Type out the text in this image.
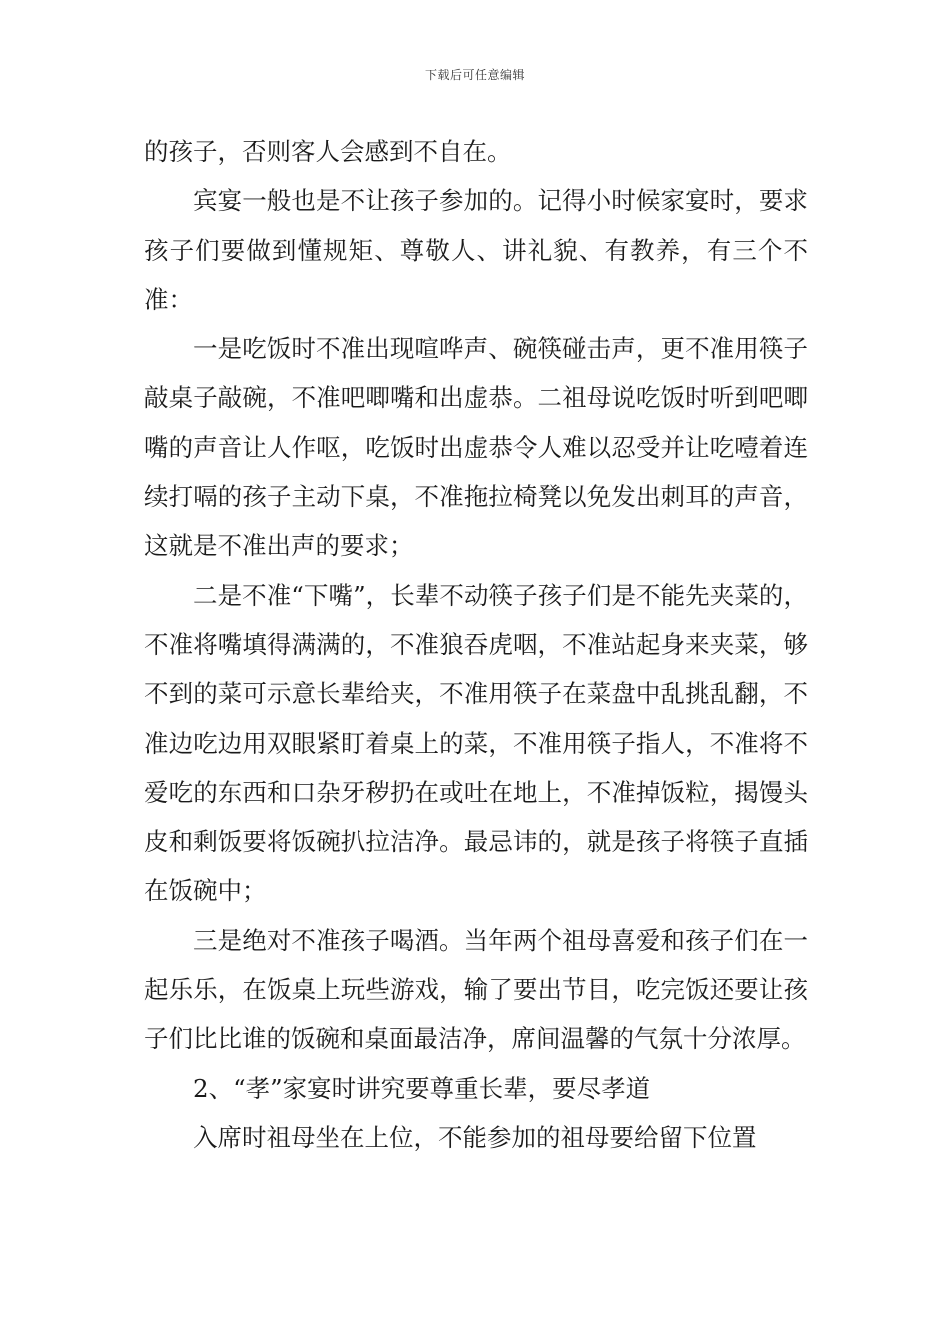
下载后可任意编辑

的孩子，否则客人会感到不自在。

宾宴一般也是不让孩子参加的。记得小时候家宴时，要求孩子们要做到懂规矩、尊敬人、讲礼貌、有教养，有三个不准：

一是吃饭时不准出现喧哗声、碗筷碰击声，更不准用筷子敲桌子敲碗，不准吧唧嘴和出虚恭。二祖母说吃饭时听到吧唧嘴的声音让人作呕，吃饭时出虚恭令人难以忍受并让吃噎着连续打嗝的孩子主动下桌，不准拖拉椅凳以免发出刺耳的声音，这就是不准出声的要求；

二是不准“下嘴”，长辈不动筷子孩子们是不能先夹菜的，不准将嘴填得满满的，不准狼吞虎咽，不准站起身来夹菜，够不到的菜可示意长辈给夹，不准用筷子在菜盘中乱挑乱翻，不准边吃边用双眼紧盯着桌上的菜，不准用筷子指人，不准将不爱吃的东西和口杂牙秽扔在或吐在地上，不准掉饭粒，揭馒头皮和剩饭要将饭碗扒拉洁净。最忌讳的，就是孩子将筷子直插在饭碗中；

三是绝对不准孩子喝酒。当年两个祖母喜爱和孩子们在一起乐乐，在饭桌上玩些游戏，输了要出节目，吃完饭还要让孩子们比比谁的饭碗和桌面最洁净，席间温馨的气氛十分浓厚。

2、“孝”家宴时讲究要尊重长辈，要尽孝道

入席时祖母坐在上位，不能参加的祖母要给留下位置
